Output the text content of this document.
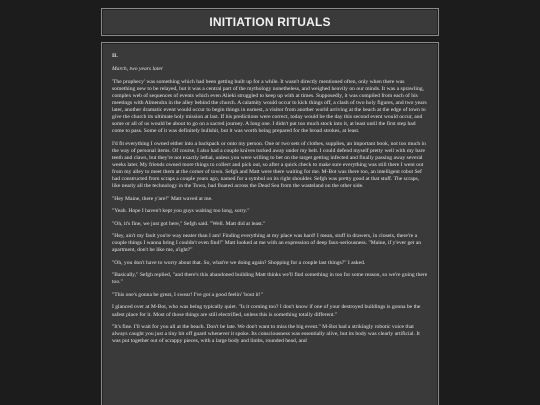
INITIATION RITUALS

II.

March, two years later

'The prophecy' was something which had been getting built up for a while. It wasn't directly mentioned often, only when there was something new to be relayed, but it was a central part of the mythology nonetheless, and weighed heavily on our minds. It was a sprawling, complex web of sequences of events which even Alieki struggled to keep up with at times. Supposedly, it was compiled from each of his meetings with Almendra in the alley behind the church. A calamity would occur to kick things off, a clash of two holy figures, and two years later, another dramatic event would occur to begin things in earnest, a visitor from another world arriving at the beach at the edge of town to give the church its ultimate holy mission at last. If his predictions were correct, today would be the day this second event would occur, and some or all of us would be about to go on a sacred journey. A long one. I didn't put too much stock into it, at least until the first step had come to pass. Some of it was definitely bullshit, but it was worth being prepared for the broad strokes, at least.

I'd fit everything I owned either into a backpack or onto my person. One or two sets of clothes, supplies, an important book, not too much in the way of personal items. Of course, I also had a couple knives tucked away under my belt. I could defend myself pretty well with my bare teeth and claws, but they're not exactly lethal, unless you were willing to bet on the target getting infected and finally passing away several weeks later. My friends owned more things to collect and pick out, so after a quick check to make sure everything was still there I went out from my alley to meet them at the corner of town. Sefgh and Matt were there waiting for me. M-Bot was there too, an intelligent robot Sef had constructed from scraps a couple years ago, named for a symbol on its right shoulder. Sefgh was pretty good at that stuff. The scraps, like nearly all the technology in the Town, had floated across the Dead Sea from the wasteland on the other side.

"Hey Maine, there y'are!" Matt waved at me.

"Yeah. Hope I haven't kept you guys waiting too long, sorry."

"Oh, it's fine, we just got here," Sefgh said. "Well. Matt did at least."

"Hey, ain't my fault you're way neater than I am! Finding everything at my place was hard! I mean, stuff in drawers, in closets, there're a couple things I wanna bring I couldn't even find!" Matt looked at me with an expression of deep faux-seriousness. "Maine, if y'ever get an apartment, don't be like me, a'ight?"

"Oh, you don't have to worry about that. So, what're we doing again? Shopping for a couple last things?" I asked.

"Basically," Sefgh replied, "and there's this abandoned building Matt thinks we'll find something in too for some reason, so we're going there too."

"This one's gonna be great, I swear! I've got a good feelin' 'bout it!"

I glanced over at M-Bot, who was being typically quiet. "Is it coming too? I don't know if one of your destroyed buildings is gonna be the safest place for it. Most of those things are still electrified, unless this is something totally different."

"It's fine. I'll wait for you all at the beach. Don't be late. We don't want to miss the big event." M-Bot had a strikingly robotic voice that always caught you just a tiny bit off guard whenever it spoke. Its consciousness was essentially alive, but its body was clearly artificial. It was put together out of scrappy pieces, with a large body and limbs, rounded head, and
